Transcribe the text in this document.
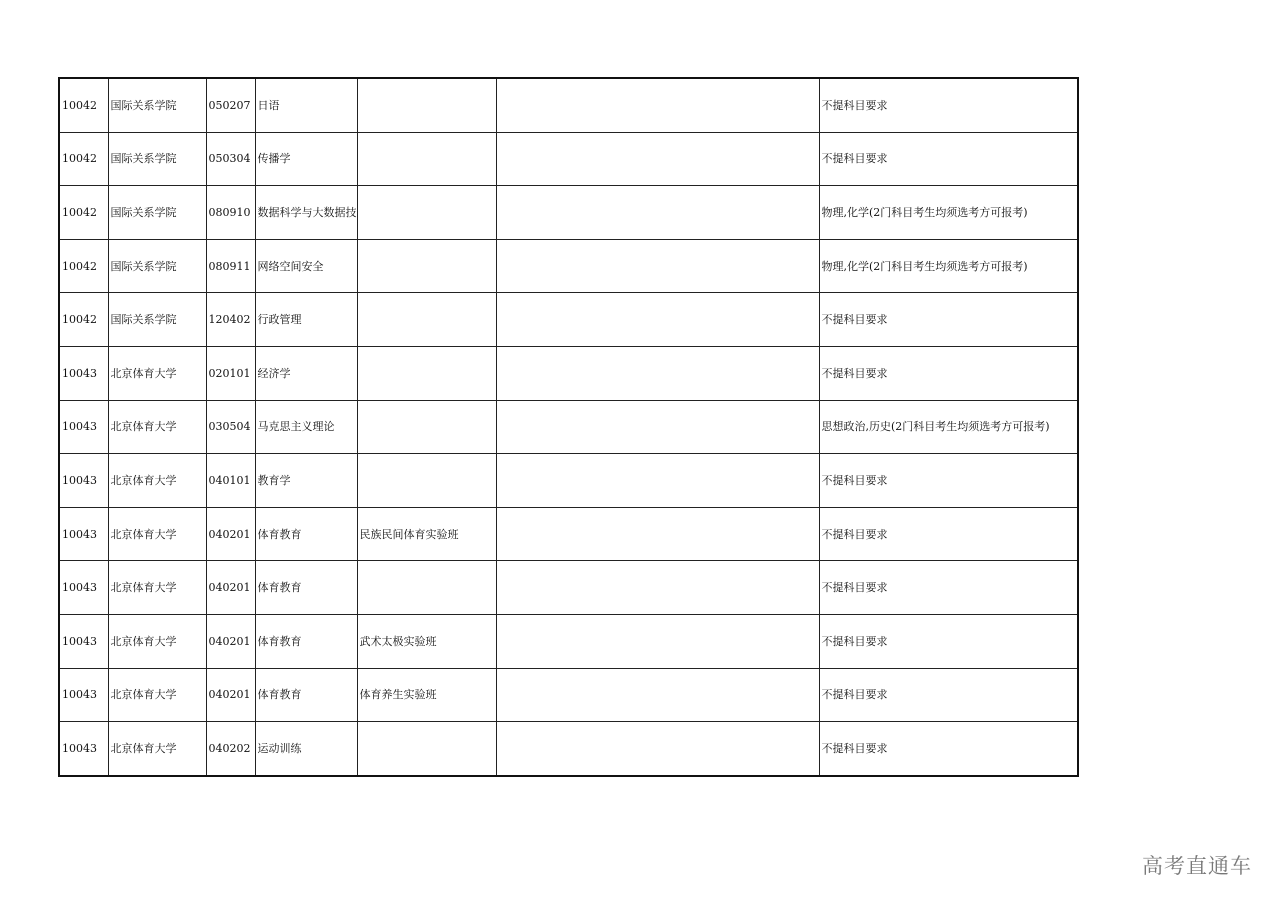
10042	国际关系学院	050207	日语			不提科目要求
10042	国际关系学院	050304	传播学			不提科目要求
10042	国际关系学院	080910	数据科学与大数据技			物理,化学(2门科目考生均须选考方可报考)
10042	国际关系学院	080911	网络空间安全			物理,化学(2门科目考生均须选考方可报考)
10042	国际关系学院	120402	行政管理			不提科目要求
10043	北京体育大学	020101	经济学			不提科目要求
10043	北京体育大学	030504	马克思主义理论			思想政治,历史(2门科目考生均须选考方可报考)
10043	北京体育大学	040101	教育学			不提科目要求
10043	北京体育大学	040201	体育教育	民族民间体育实验班		不提科目要求
10043	北京体育大学	040201	体育教育			不提科目要求
10043	北京体育大学	040201	体育教育	武术太极实验班		不提科目要求
10043	北京体育大学	040201	体育教育	体育养生实验班		不提科目要求
10043	北京体育大学	040202	运动训练			不提科目要求
高考直通车
